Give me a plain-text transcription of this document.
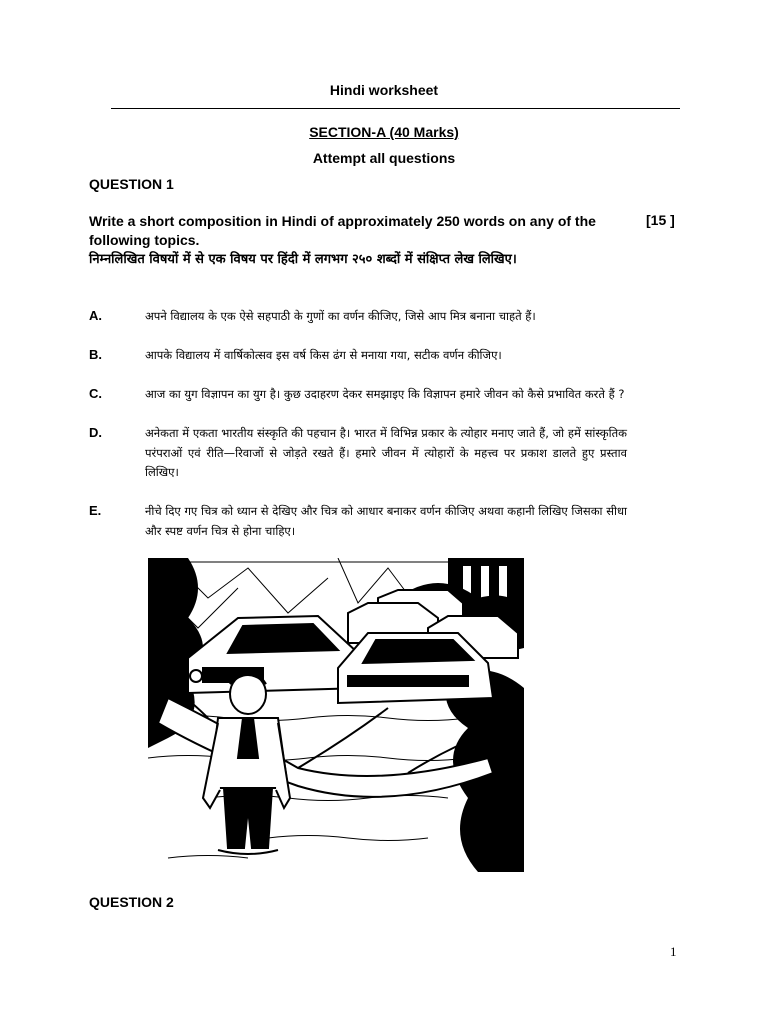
Hindi worksheet
SECTION-A (40 Marks)
Attempt all questions
QUESTION 1
Write a short composition in Hindi of approximately 250 words on any of the following topics.
[15 ]
निम्नलिखित विषयों में से एक विषय पर हिंदी में लगभग २५० शब्दों में संक्षिप्त लेख लिखिए।
A.	अपने विद्यालय के एक ऐसे सहपाठी के गुणों का वर्णन कीजिए, जिसे आप मित्र बनाना चाहते हैं।
B.	आपके विद्यालय में वार्षिकोत्सव इस वर्ष किस ढंग से मनाया गया, सटीक वर्णन कीजिए।
C.	आज का युग विज्ञापन का युग है। कुछ उदाहरण देकर समझाइए कि विज्ञापन हमारे जीवन को कैसे प्रभावित करते हैं ?
D.	अनेकता में एकता भारतीय संस्कृति की पहचान है। भारत में विभिन्न प्रकार के त्योहार मनाए जाते हैं, जो हमें सांस्कृतिक परंपराओं एवं रीति—रिवाजों से जोड़ते रखते हैं। हमारे जीवन में त्योहारों के महत्त्व पर प्रकाश डालते हुए प्रस्ताव लिखिए।
E.	नीचे दिए गए चित्र को ध्यान से देखिए और चित्र को आधार बनाकर वर्णन कीजिए अथवा कहानी लिखिए जिसका सीधा और स्पष्ट वर्णन चित्र से होना चाहिए।
QUESTION 2
1
